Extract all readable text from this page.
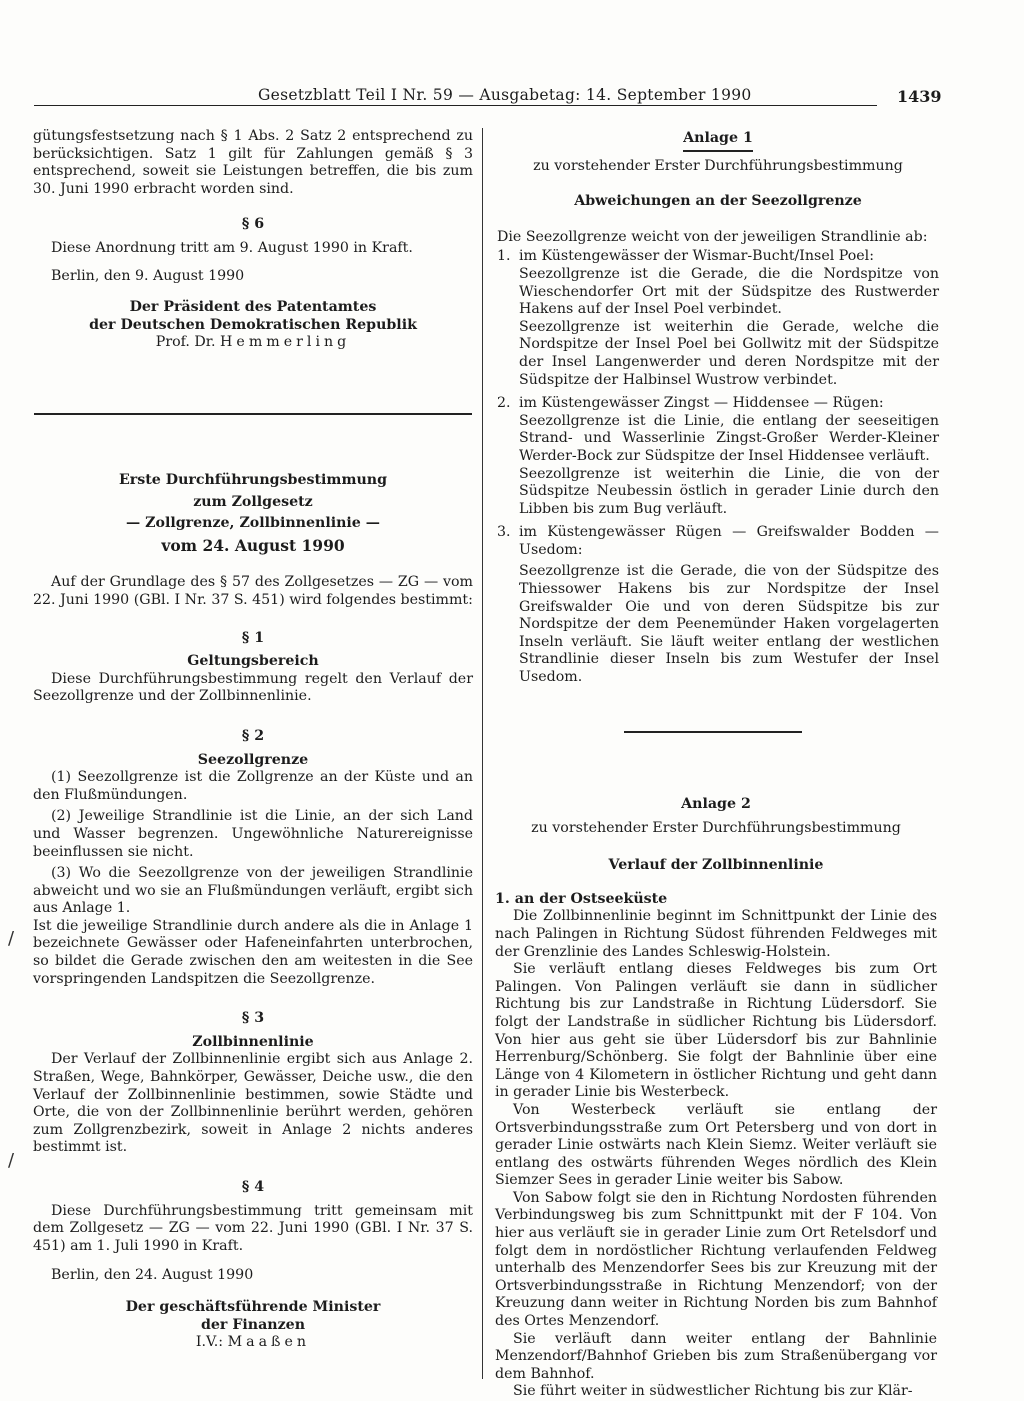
Gesetzblatt Teil I Nr. 59 — Ausgabetag: 14. September 1990	1439

gütungsfestsetzung nach § 1 Abs. 2 Satz 2 entsprechend zu berücksichtigen. Satz 1 gilt für Zahlungen gemäß § 3 entsprechend, soweit sie Leistungen betreffen, die bis zum 30. Juni 1990 erbracht worden sind.

§ 6

Diese Anordnung tritt am 9. August 1990 in Kraft.

Berlin, den 9. August 1990

Der Präsident des Patentamtes

der Deutschen Demokratischen Republik

Prof. Dr. Hemmerling

Erste Durchführungsbestimmung

zum Zollgesetz

— Zollgrenze, Zollbinnenlinie —

vom 24. August 1990

Auf der Grundlage des § 57 des Zollgesetzes — ZG — vom 22. Juni 1990 (GBl. I Nr. 37 S. 451) wird folgendes bestimmt:

§ 1

Geltungsbereich

Diese Durchführungsbestimmung regelt den Verlauf der Seezollgrenze und der Zollbinnenlinie.

§ 2

Seezollgrenze

(1) Seezollgrenze ist die Zollgrenze an der Küste und an den Flußmündungen.

(2) Jeweilige Strandlinie ist die Linie, an der sich Land und Wasser begrenzen. Ungewöhnliche Naturereignisse beeinflussen sie nicht.

(3) Wo die Seezollgrenze von der jeweiligen Strandlinie abweicht und wo sie an Flußmündungen verläuft, ergibt sich aus Anlage 1.

Ist die jeweilige Strandlinie durch andere als die in Anlage 1 bezeichnete Gewässer oder Hafeneinfahrten unterbrochen, so bildet die Gerade zwischen den am weitesten in die See vorspringenden Landspitzen die Seezollgrenze.

§ 3

Zollbinnenlinie

Der Verlauf der Zollbinnenlinie ergibt sich aus Anlage 2. Straßen, Wege, Bahnkörper, Gewässer, Deiche usw., die den Verlauf der Zollbinnenlinie bestimmen, sowie Städte und Orte, die von der Zollbinnenlinie berührt werden, gehören zum Zollgrenzbezirk, soweit in Anlage 2 nichts anderes bestimmt ist.

§ 4

Diese Durchführungsbestimmung tritt gemeinsam mit dem Zollgesetz — ZG — vom 22. Juni 1990 (GBl. I Nr. 37 S. 451) am 1. Juli 1990 in Kraft.

Berlin, den 24. August 1990

Der geschäftsführende Minister

der Finanzen

I.V.: Maaßen

Anlage 1

zu vorstehender Erster Durchführungsbestimmung

Abweichungen an der Seezollgrenze

Die Seezollgrenze weicht von der jeweiligen Strandlinie ab:

1. im Küstengewässer der Wismar-Bucht/Insel Poel:

Seezollgrenze ist die Gerade, die die Nordspitze von Wieschendorfer Ort mit der Südspitze des Rustwerder Hakens auf der Insel Poel verbindet.

Seezollgrenze ist weiterhin die Gerade, welche die Nordspitze der Insel Poel bei Gollwitz mit der Südspitze der Insel Langenwerder und deren Nordspitze mit der Südspitze der Halbinsel Wustrow verbindet.

2. im Küstengewässer Zingst — Hiddensee — Rügen:

Seezollgrenze ist die Linie, die entlang der seeseitigen Strand- und Wasserlinie Zingst-Großer Werder-Kleiner Werder-Bock zur Südspitze der Insel Hiddensee verläuft.

Seezollgrenze ist weiterhin die Linie, die von der Südspitze Neubessin östlich in gerader Linie durch den Libben bis zum Bug verläuft.

3. im Küstengewässer Rügen — Greifswalder Bodden — Usedom:

Seezollgrenze ist die Gerade, die von der Südspitze des Thiessower Hakens bis zur Nordspitze der Insel Greifswalder Oie und von deren Südspitze bis zur Nordspitze der dem Peenemünder Haken vorgelagerten Inseln verläuft. Sie läuft weiter entlang der westlichen Strandlinie dieser Inseln bis zum Westufer der Insel Usedom.

Anlage 2

zu vorstehender Erster Durchführungsbestimmung

Verlauf der Zollbinnenlinie

1. an der Ostseeküste

Die Zollbinnenlinie beginnt im Schnittpunkt der Linie des nach Palingen in Richtung Südost führenden Feldweges mit der Grenzlinie des Landes Schleswig-Holstein.

Sie verläuft entlang dieses Feldweges bis zum Ort Palingen. Von Palingen verläuft sie dann in südlicher Richtung bis zur Landstraße in Richtung Lüdersdorf. Sie folgt der Landstraße in südlicher Richtung bis Lüdersdorf. Von hier aus geht sie über Lüdersdorf bis zur Bahnlinie Herrenburg/Schönberg. Sie folgt der Bahnlinie über eine Länge von 4 Kilometern in östlicher Richtung und geht dann in gerader Linie bis Westerbeck.

Von Westerbeck verläuft sie entlang der Ortsverbindungsstraße zum Ort Petersberg und von dort in gerader Linie ostwärts nach Klein Siemz. Weiter verläuft sie entlang des ostwärts führenden Weges nördlich des Klein Siemzer Sees in gerader Linie weiter bis Sabow.

Von Sabow folgt sie den in Richtung Nordosten führenden Verbindungsweg bis zum Schnittpunkt mit der F 104. Von hier aus verläuft sie in gerader Linie zum Ort Retelsdorf und folgt dem in nordöstlicher Richtung verlaufenden Feldweg unterhalb des Menzendorfer Sees bis zur Kreuzung mit der Ortsverbindungsstraße in Richtung Menzendorf; von der Kreuzung dann weiter in Richtung Norden bis zum Bahnhof des Ortes Menzendorf.

Sie verläuft dann weiter entlang der Bahnlinie Menzendorf/Bahnhof Grieben bis zum Straßenübergang vor dem Bahnhof.

Sie führt weiter in südwestlicher Richtung bis zur Klär-

/
/
